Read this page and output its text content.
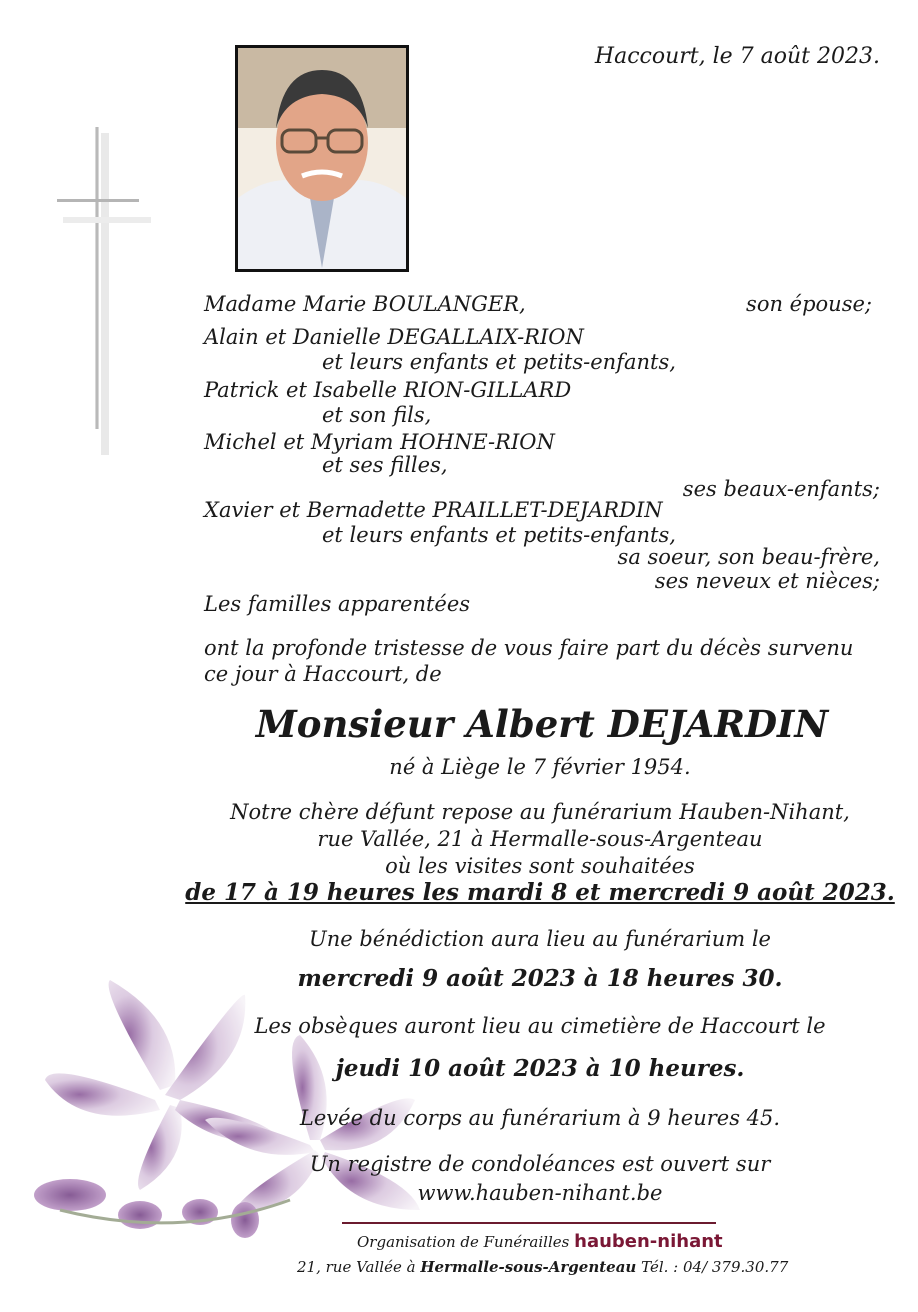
Haccourt, le 7 août 2023.
Madame Marie BOULANGER,	son épouse;
Alain et Danielle DEGALLAIX-RION
et leurs enfants et petits-enfants,
Patrick et Isabelle RION-GILLARD
et son fils,
Michel et Myriam HOHNE-RION
et ses filles,
ses beaux-enfants;
Xavier et Bernadette PRAILLET-DEJARDIN
et leurs enfants et petits-enfants,
sa soeur, son beau-frère,
ses neveux et nièces;
Les familles apparentées
ont la profonde tristesse de vous faire part du décès survenu
ce jour à Haccourt, de
Monsieur Albert DEJARDIN
né à Liège le 7 février 1954.
Notre chère défunt repose au funérarium Hauben-Nihant,
rue Vallée, 21 à Hermalle-sous-Argenteau
où les visites sont souhaitées
de 17 à 19 heures les mardi 8 et mercredi 9 août 2023.
Une bénédiction aura lieu au funérarium le
mercredi 9 août 2023 à 18 heures 30.
Les obsèques auront lieu au cimetière de Haccourt le
jeudi 10 août 2023 à 10 heures.
Levée du corps au funérarium à 9 heures 45.
Un registre de condoléances est ouvert sur
www.hauben-nihant.be
Organisation de Funérailles hauben-nihant
21, rue Vallée à Hermalle-sous-Argenteau Tél. : 04/ 379.30.77
